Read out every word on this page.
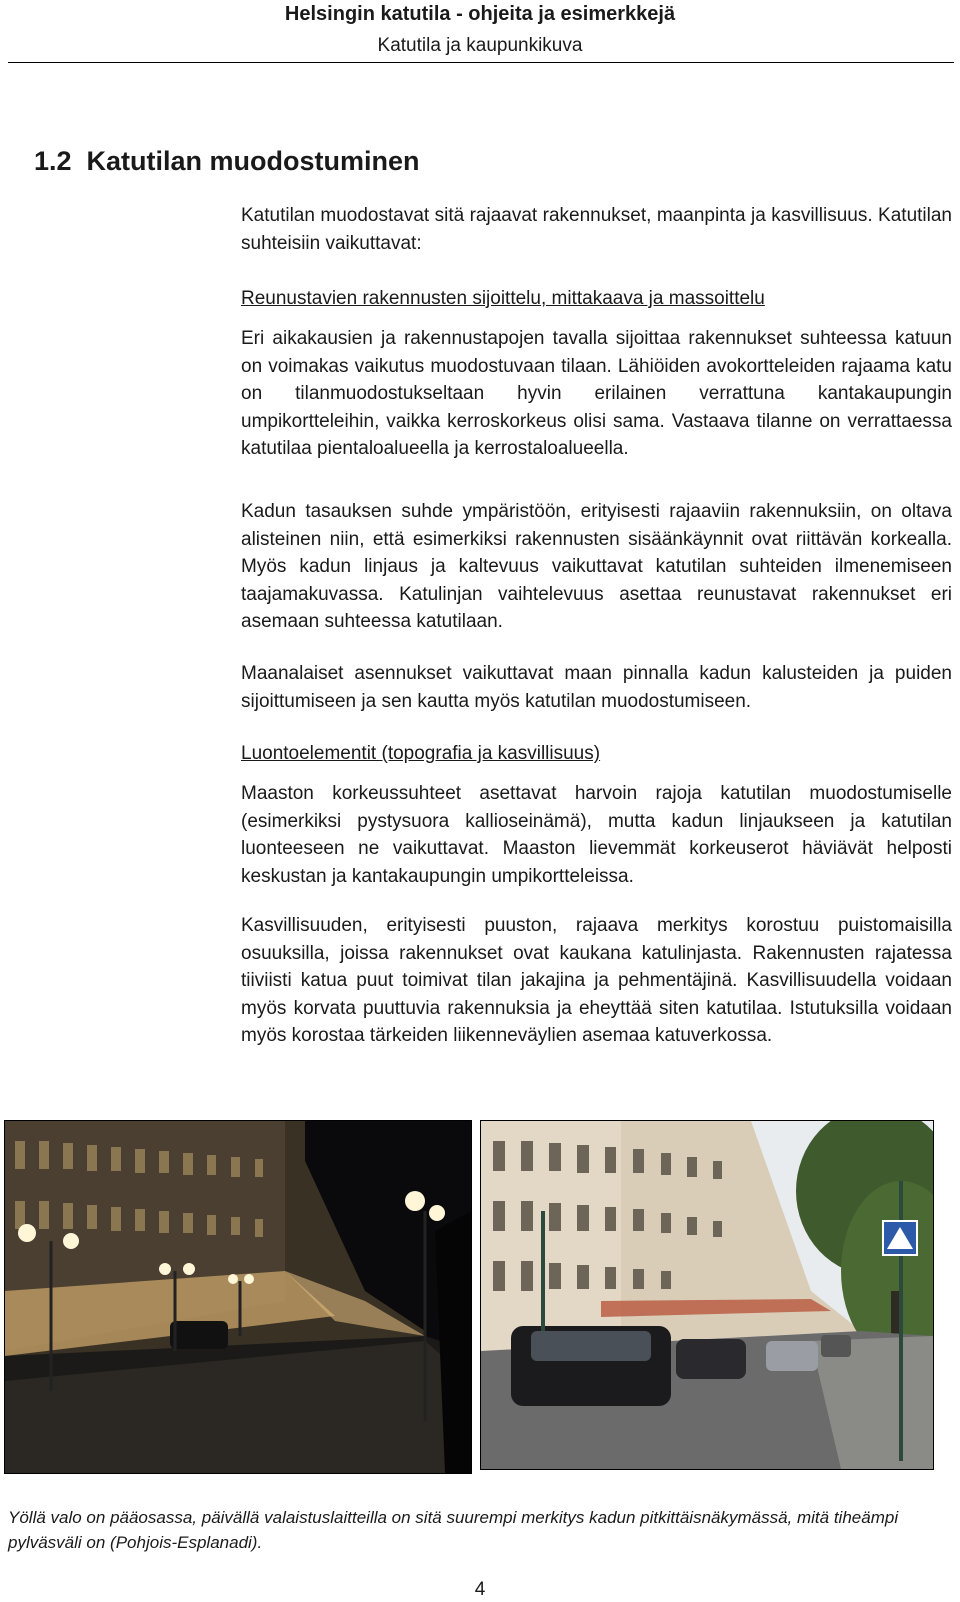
Helsingin katutila - ohjeita ja esimerkkejä
Katutila ja kaupunkikuva
1.2  Katutilan muodostuminen

Katutilan muodostavat sitä rajaavat rakennukset, maanpinta ja kasvillisuus. Katutilan suhteisiin vaikuttavat:

Reunustavien rakennusten sijoittelu, mittakaava ja massoittelu

Eri aikakausien ja rakennustapojen tavalla sijoittaa rakennukset suhteessa katuun on voimakas vaikutus muodostuvaan tilaan. Lähiöiden avokortteleiden rajaama katu on tilanmuodostukseltaan hyvin erilainen verrattuna kantakaupungin umpikortteleihin, vaikka kerroskorkeus olisi sama. Vastaava tilanne on verrattaessa katutilaa pientaloalueella ja kerrostaloalueella.

Kadun tasauksen suhde ympäristöön, erityisesti rajaaviin rakennuksiin, on oltava alisteinen niin, että esimerkiksi rakennusten sisäänkäynnit ovat riittävän korkealla. Myös kadun linjaus ja kaltevuus vaikuttavat katutilan suhteiden ilmenemiseen taajamakuvassa. Katulinjan vaihtelevuus asettaa reunustavat rakennukset eri asemaan suhteessa katutilaan.

Maanalaiset asennukset vaikuttavat maan pinnalla kadun kalusteiden ja puiden sijoittumiseen ja sen kautta myös katutilan muodostumiseen.

Luontoelementit (topografia ja kasvillisuus)

Maaston korkeussuhteet asettavat harvoin rajoja katutilan muodostumiselle (esimerkiksi pystysuora kallioseinämä), mutta kadun linjaukseen ja katutilan luonteeseen ne vaikuttavat. Maaston lievemmät korkeuserot häviävät helposti keskustan ja kantakaupungin umpikortteleissa.

Kasvillisuuden, erityisesti puuston, rajaava merkitys korostuu puistomaisilla osuuksilla, joissa rakennukset ovat kaukana katulinjasta. Rakennusten rajatessa tiiviisti katua puut toimivat tilan jakajina ja pehmentäjinä. Kasvillisuudella voidaan myös korvata puuttuvia rakennuksia ja eheyttää siten katutilaa. Istutuksilla voidaan myös korostaa tärkeiden liikenneväylien asemaa katuverkossa.

Yöllä valo on pääosassa, päivällä valaistuslaitteilla on sitä suurempi merkitys kadun pitkittäisnäkymässä, mitä tiheämpi pylväsväli on (Pohjois-Esplanadi).

4
